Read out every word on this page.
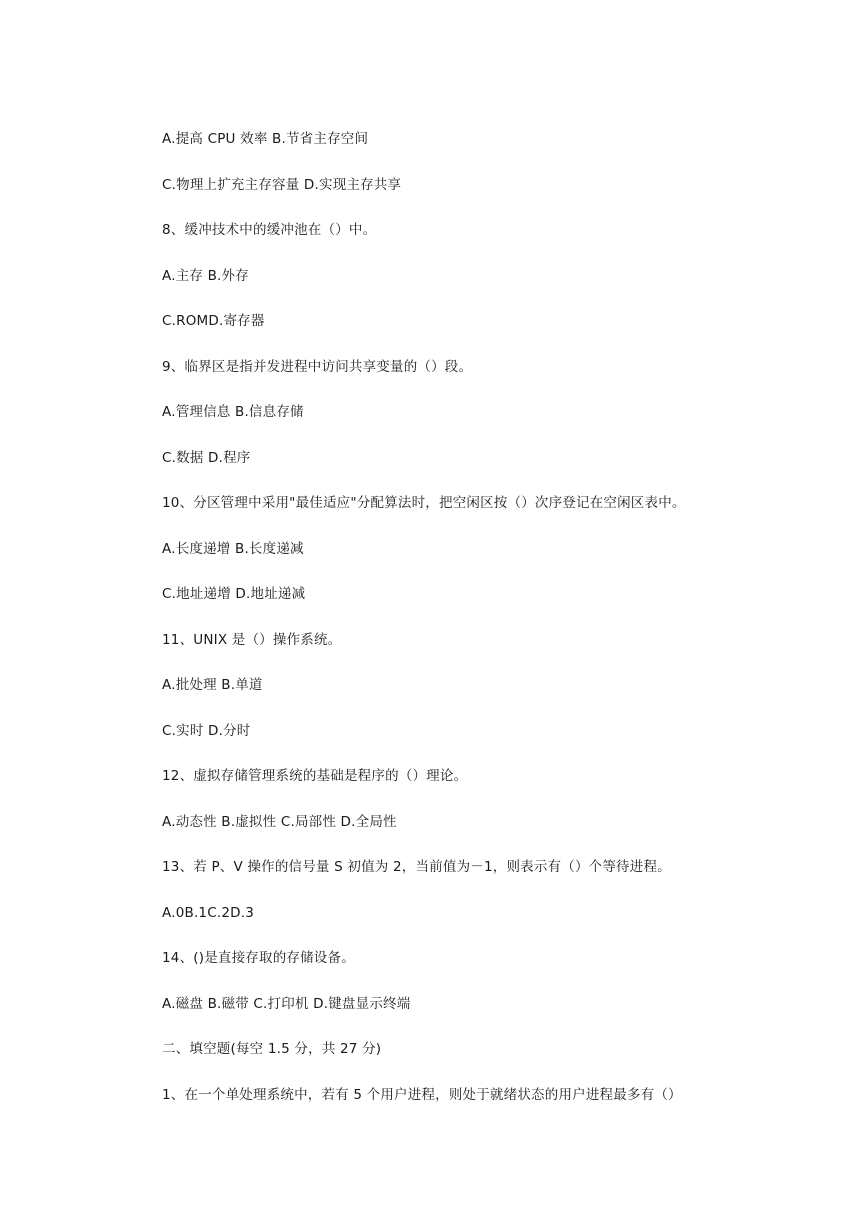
A.提高 CPU 效率 B.节省主存空间

C.物理上扩充主存容量 D.实现主存共享

8、缓冲技术中的缓冲池在（）中。

A.主存 B.外存

C.ROMD.寄存器

9、临界区是指并发进程中访问共享变量的（）段。

A.管理信息 B.信息存储

C.数据 D.程序

10、分区管理中采用"最佳适应"分配算法时，把空闲区按（）次序登记在空闲区表中。

A.长度递增 B.长度递减

C.地址递增 D.地址递减

11、UNIX 是（）操作系统。

A.批处理 B.单道

C.实时 D.分时

12、虚拟存储管理系统的基础是程序的（）理论。

A.动态性 B.虚拟性 C.局部性 D.全局性

13、若 P、V 操作的信号量 S 初值为 2，当前值为－1，则表示有（）个等待进程。

A.0B.1C.2D.3

14、()是直接存取的存储设备。

A.磁盘 B.磁带 C.打印机 D.键盘显示终端

二、填空题(每空 1.5 分，共 27 分)

1、在一个单处理系统中，若有 5 个用户进程，则处于就绪状态的用户进程最多有（）
